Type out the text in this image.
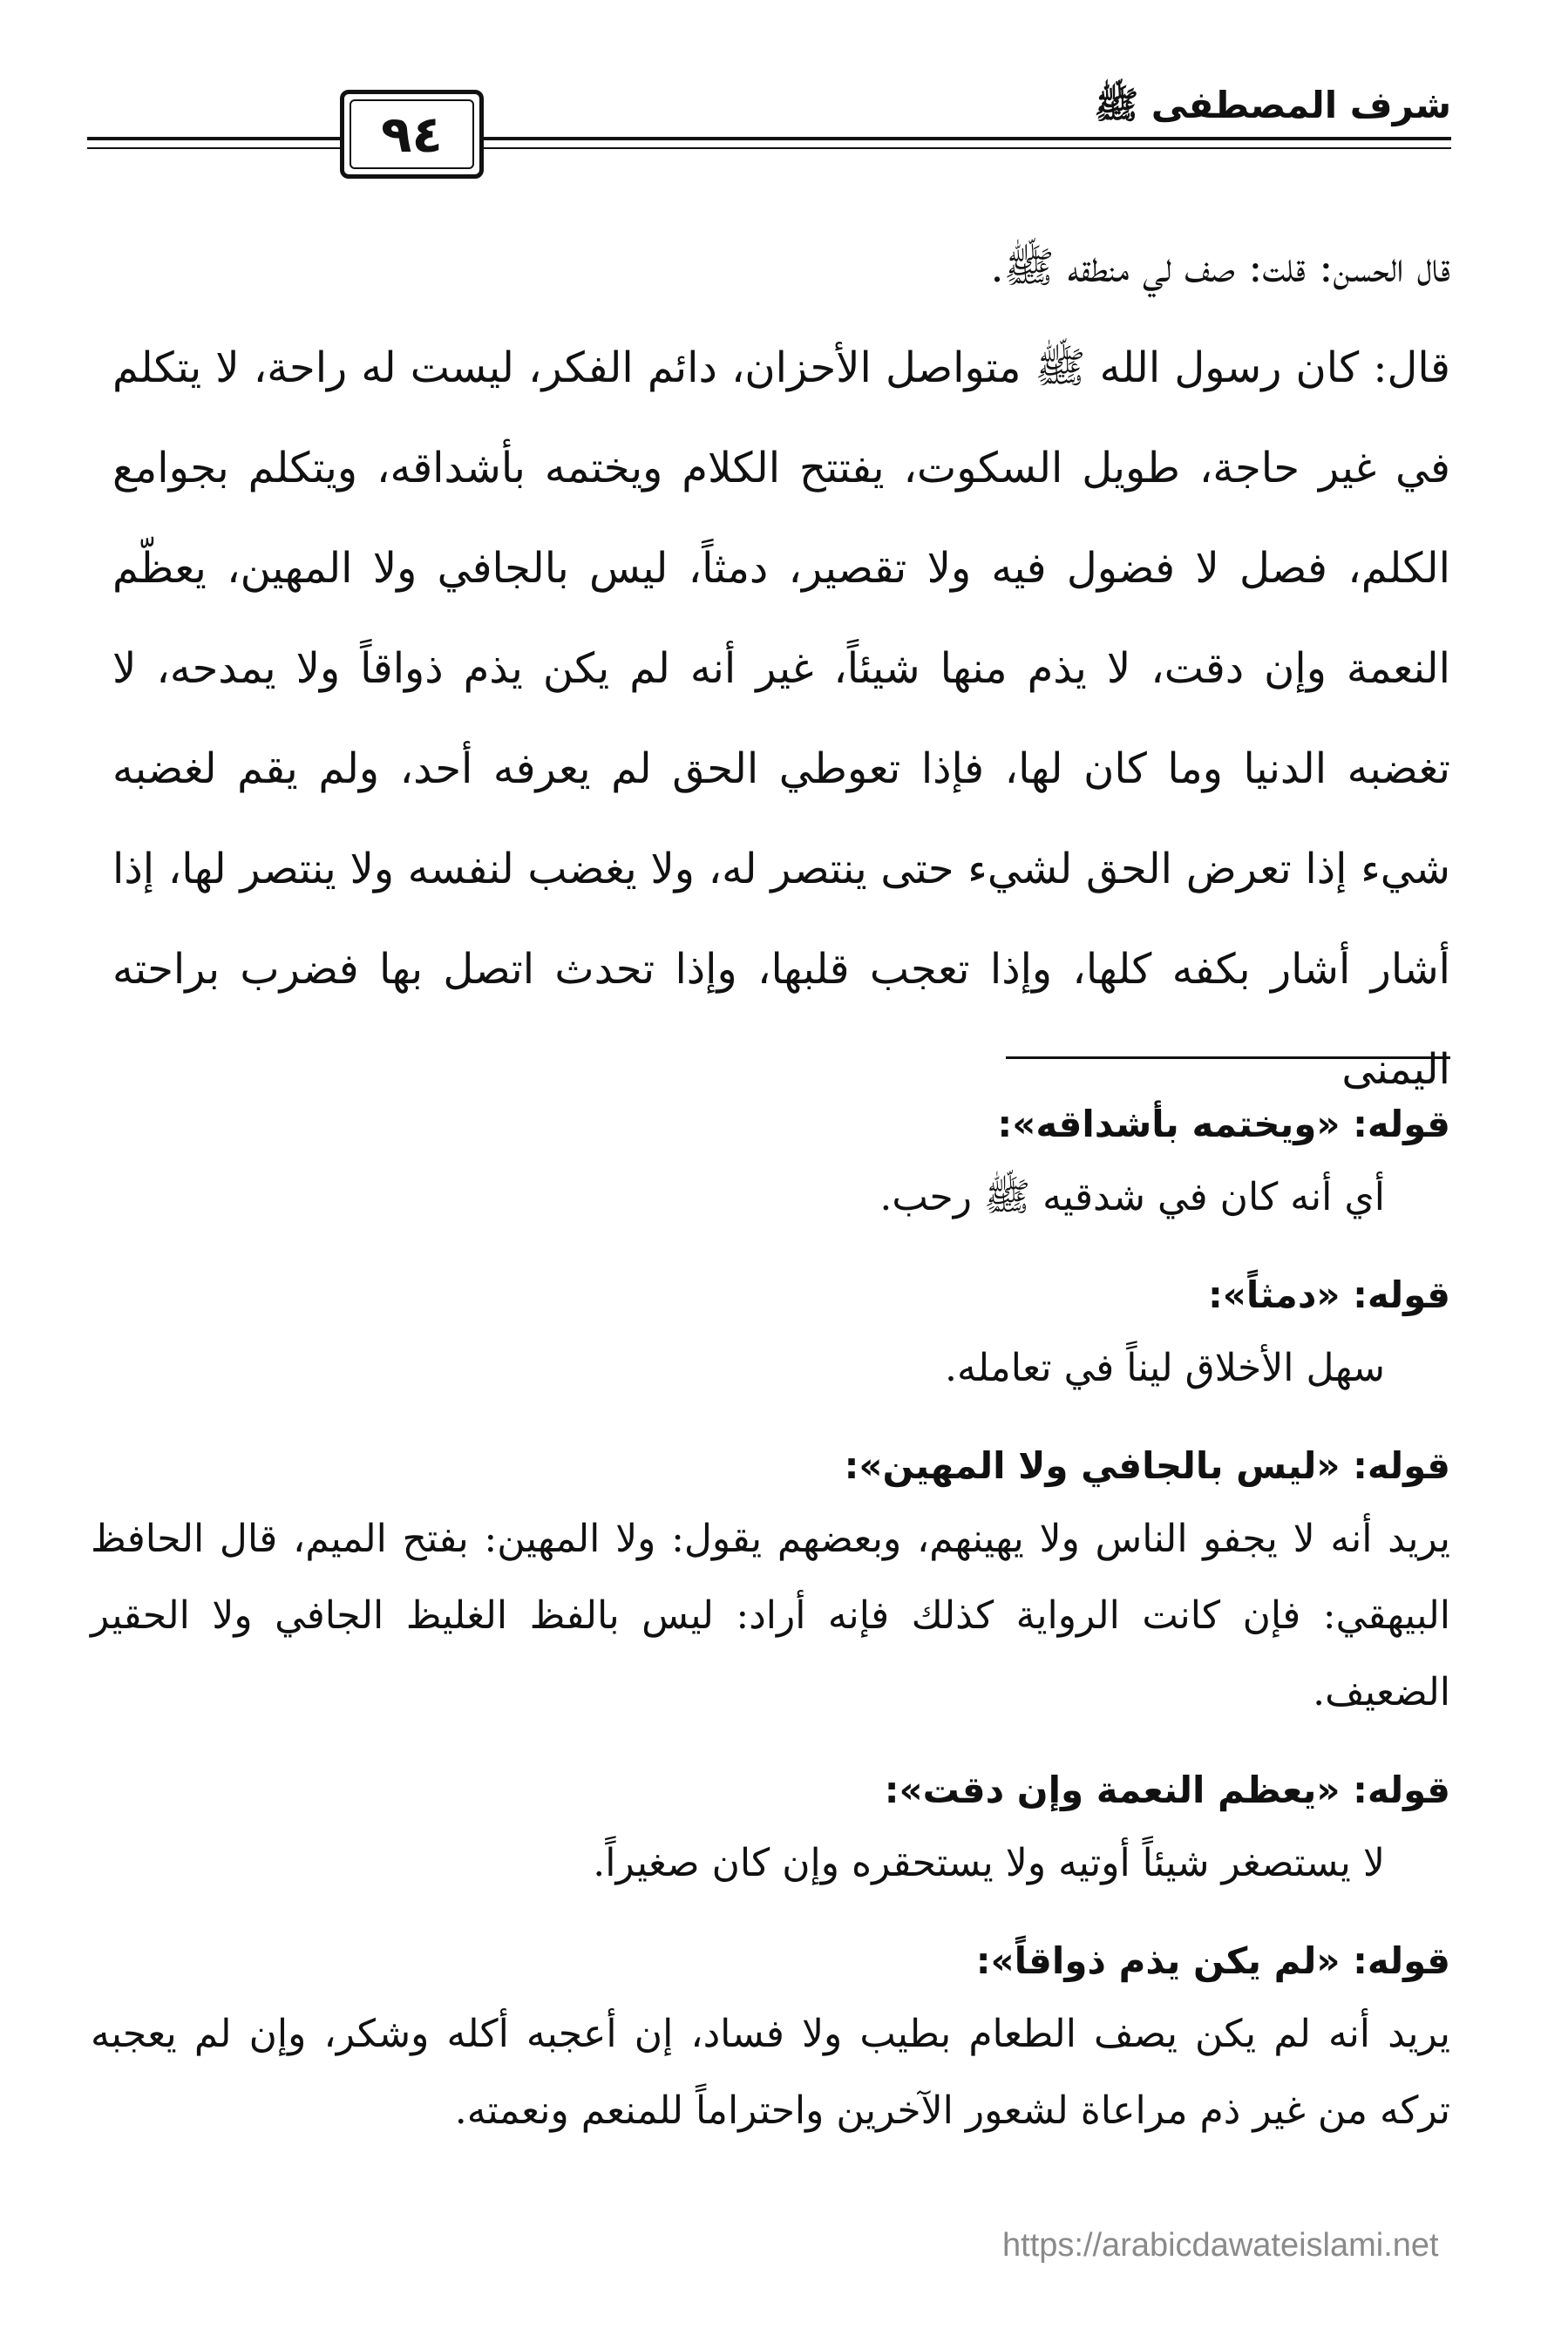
شرف المصطفى ﷺ
٩٤

قال الحسن: قلت: صف لي منطقه ﷺ.

قال: كان رسول الله ﷺ متواصل الأحزان، دائم الفكر، ليست له راحة، لا يتكلم في غير حاجة، طويل السكوت، يفتتح الكلام ويختمه بأشداقه، ويتكلم بجوامع الكلم، فصل لا فضول فيه ولا تقصير، دمثاً، ليس بالجافي ولا المهين، يعظّم النعمة وإن دقت، لا يذم منها شيئاً، غير أنه لم يكن يذم ذواقاً ولا يمدحه، لا تغضبه الدنيا وما كان لها، فإذا تعوطي الحق لم يعرفه أحد، ولم يقم لغضبه شيء إذا تعرض الحق لشيء حتى ينتصر له، ولا يغضب لنفسه ولا ينتصر لها، إذا أشار أشار بكفه كلها، وإذا تعجب قلبها، وإذا تحدث اتصل بها فضرب براحته اليمنى

قوله: «ويختمه بأشداقه»:

أي أنه كان في شدقيه ﷺ رحب.

قوله: «دمثاً»:

سهل الأخلاق ليناً في تعامله.

قوله: «ليس بالجافي ولا المهين»:

يريد أنه لا يجفو الناس ولا يهينهم، وبعضهم يقول: ولا المهين: بفتح الميم، قال الحافظ البيهقي: فإن كانت الرواية كذلك فإنه أراد: ليس بالفظ الغليظ الجافي ولا الحقير الضعيف.

قوله: «يعظم النعمة وإن دقت»:

لا يستصغر شيئاً أوتيه ولا يستحقره وإن كان صغيراً.

قوله: «لم يكن يذم ذواقاً»:

يريد أنه لم يكن يصف الطعام بطيب ولا فساد، إن أعجبه أكله وشكر، وإن لم يعجبه تركه من غير ذم مراعاة لشعور الآخرين واحتراماً للمنعم ونعمته.

https://arabicdawateislami.net
